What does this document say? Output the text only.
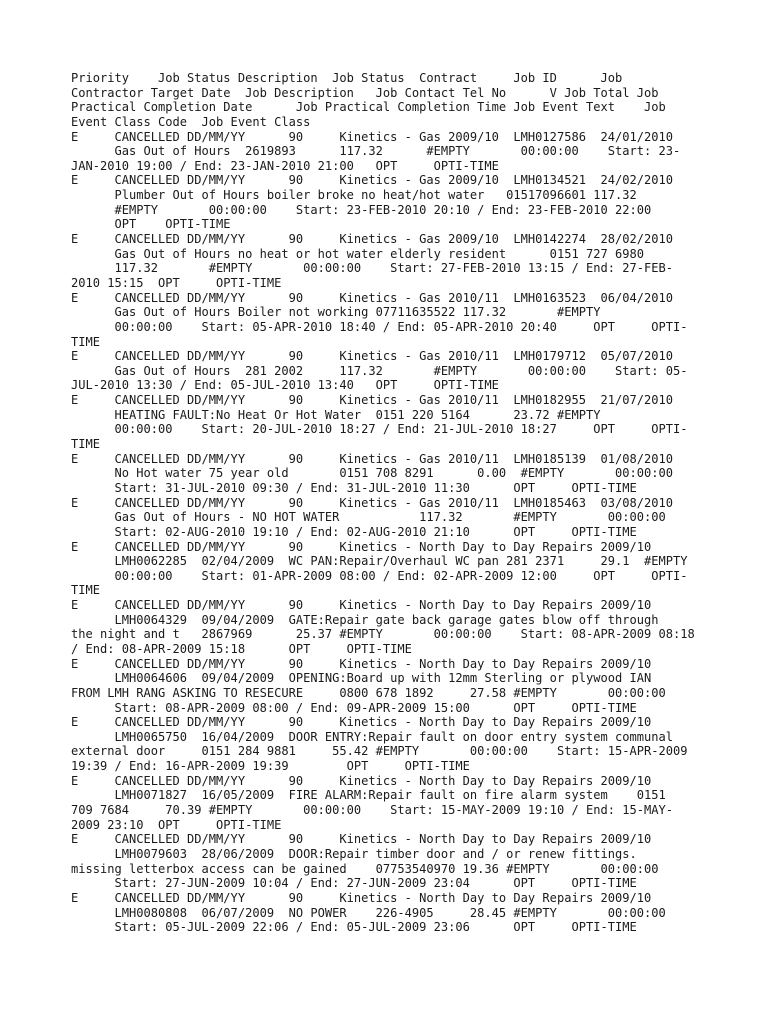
Priority    Job Status Description  Job Status  Contract     Job ID      Job
Contractor Target Date  Job Description   Job Contact Tel No      V Job Total Job
Practical Completion Date      Job Practical Completion Time Job Event Text    Job
Event Class Code  Job Event Class
E     CANCELLED DD/MM/YY      90     Kinetics - Gas 2009/10  LMH0127586  24/01/2010
Gas Out of Hours  2619893      117.32      #EMPTY       00:00:00    Start: 23-
JAN-2010 19:00 / End: 23-JAN-2010 21:00   OPT     OPTI-TIME
E     CANCELLED DD/MM/YY      90     Kinetics - Gas 2009/10  LMH0134521  24/02/2010
Plumber Out of Hours boiler broke no heat/hot water   01517096601 117.32
#EMPTY       00:00:00    Start: 23-FEB-2010 20:10 / End: 23-FEB-2010 22:00
OPT    OPTI-TIME
E     CANCELLED DD/MM/YY      90     Kinetics - Gas 2009/10  LMH0142274  28/02/2010
Gas Out of Hours no heat or hot water elderly resident      0151 727 6980
117.32       #EMPTY       00:00:00    Start: 27-FEB-2010 13:15 / End: 27-FEB-
2010 15:15  OPT     OPTI-TIME
E     CANCELLED DD/MM/YY      90     Kinetics - Gas 2010/11  LMH0163523  06/04/2010
Gas Out of Hours Boiler not working 07711635522 117.32       #EMPTY
00:00:00    Start: 05-APR-2010 18:40 / End: 05-APR-2010 20:40     OPT     OPTI-
TIME
E     CANCELLED DD/MM/YY      90     Kinetics - Gas 2010/11  LMH0179712  05/07/2010
Gas Out of Hours  281 2002     117.32       #EMPTY       00:00:00    Start: 05-
JUL-2010 13:30 / End: 05-JUL-2010 13:40   OPT     OPTI-TIME
E     CANCELLED DD/MM/YY      90     Kinetics - Gas 2010/11  LMH0182955  21/07/2010
HEATING FAULT:No Heat Or Hot Water  0151 220 5164      23.72 #EMPTY
00:00:00    Start: 20-JUL-2010 18:27 / End: 21-JUL-2010 18:27     OPT     OPTI-
TIME
E     CANCELLED DD/MM/YY      90     Kinetics - Gas 2010/11  LMH0185139  01/08/2010
No Hot water 75 year old       0151 708 8291      0.00  #EMPTY       00:00:00
Start: 31-JUL-2010 09:30 / End: 31-JUL-2010 11:30      OPT     OPTI-TIME
E     CANCELLED DD/MM/YY      90     Kinetics - Gas 2010/11  LMH0185463  03/08/2010
Gas Out of Hours - NO HOT WATER           117.32       #EMPTY       00:00:00
Start: 02-AUG-2010 19:10 / End: 02-AUG-2010 21:10      OPT     OPTI-TIME
E     CANCELLED DD/MM/YY      90     Kinetics - North Day to Day Repairs 2009/10
LMH0062285  02/04/2009  WC PAN:Repair/Overhaul WC pan 281 2371     29.1  #EMPTY
00:00:00    Start: 01-APR-2009 08:00 / End: 02-APR-2009 12:00     OPT     OPTI-
TIME
E     CANCELLED DD/MM/YY      90     Kinetics - North Day to Day Repairs 2009/10
LMH0064329  09/04/2009  GATE:Repair gate back garage gates blow off through
the night and t   2867969      25.37 #EMPTY       00:00:00    Start: 08-APR-2009 08:18
/ End: 08-APR-2009 15:18      OPT     OPTI-TIME
E     CANCELLED DD/MM/YY      90     Kinetics - North Day to Day Repairs 2009/10
LMH0064606  09/04/2009  OPENING:Board up with 12mm Sterling or plywood IAN
FROM LMH RANG ASKING TO RESECURE     0800 678 1892     27.58 #EMPTY       00:00:00
Start: 08-APR-2009 08:00 / End: 09-APR-2009 15:00      OPT     OPTI-TIME
E     CANCELLED DD/MM/YY      90     Kinetics - North Day to Day Repairs 2009/10
LMH0065750  16/04/2009  DOOR ENTRY:Repair fault on door entry system communal
external door     0151 284 9881     55.42 #EMPTY       00:00:00    Start: 15-APR-2009
19:39 / End: 16-APR-2009 19:39        OPT     OPTI-TIME
E     CANCELLED DD/MM/YY      90     Kinetics - North Day to Day Repairs 2009/10
LMH0071827  16/05/2009  FIRE ALARM:Repair fault on fire alarm system    0151
709 7684     70.39 #EMPTY       00:00:00    Start: 15-MAY-2009 19:10 / End: 15-MAY-
2009 23:10  OPT     OPTI-TIME
E     CANCELLED DD/MM/YY      90     Kinetics - North Day to Day Repairs 2009/10
LMH0079603  28/06/2009  DOOR:Repair timber door and / or renew fittings.
missing letterbox access can be gained    07753540970 19.36 #EMPTY       00:00:00
Start: 27-JUN-2009 10:04 / End: 27-JUN-2009 23:04      OPT     OPTI-TIME
E     CANCELLED DD/MM/YY      90     Kinetics - North Day to Day Repairs 2009/10
LMH0080808  06/07/2009  NO POWER    226-4905     28.45 #EMPTY       00:00:00
Start: 05-JUL-2009 22:06 / End: 05-JUL-2009 23:06      OPT     OPTI-TIME
